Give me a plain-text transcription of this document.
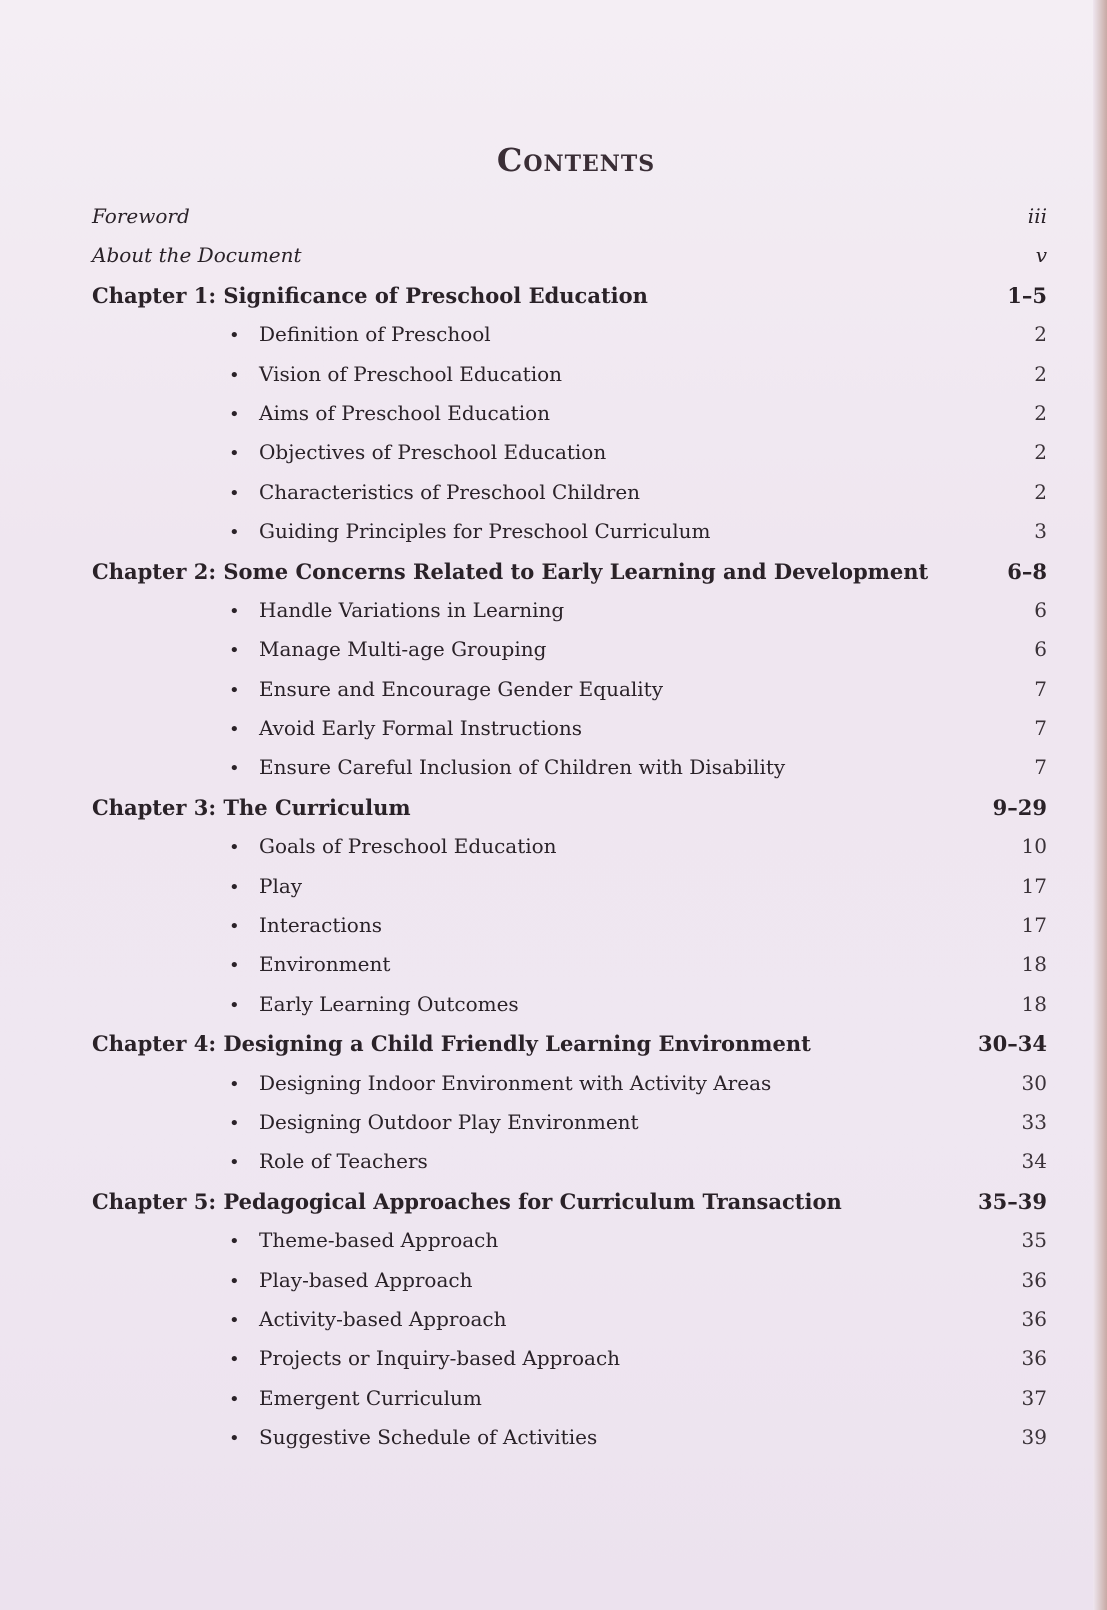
Contents
Foreword	iii
About the Document	v
Chapter 1: Significance of Preschool Education	1–5
• Definition of Preschool	2
• Vision of Preschool Education	2
• Aims of Preschool Education	2
• Objectives of Preschool Education	2
• Characteristics of Preschool Children	2
• Guiding Principles for Preschool Curriculum	3
Chapter 2: Some Concerns Related to Early Learning and Development	6–8
• Handle Variations in Learning	6
• Manage Multi-age Grouping	6
• Ensure and Encourage Gender Equality	7
• Avoid Early Formal Instructions	7
• Ensure Careful Inclusion of Children with Disability	7
Chapter 3: The Curriculum	9–29
• Goals of Preschool Education	10
• Play	17
• Interactions	17
• Environment	18
• Early Learning Outcomes	18
Chapter 4: Designing a Child Friendly Learning Environment	30–34
• Designing Indoor Environment with Activity Areas	30
• Designing Outdoor Play Environment	33
• Role of Teachers	34
Chapter 5: Pedagogical Approaches for Curriculum Transaction	35–39
• Theme-based Approach	35
• Play-based Approach	36
• Activity-based Approach	36
• Projects or Inquiry-based Approach	36
• Emergent Curriculum	37
• Suggestive Schedule of Activities	39
